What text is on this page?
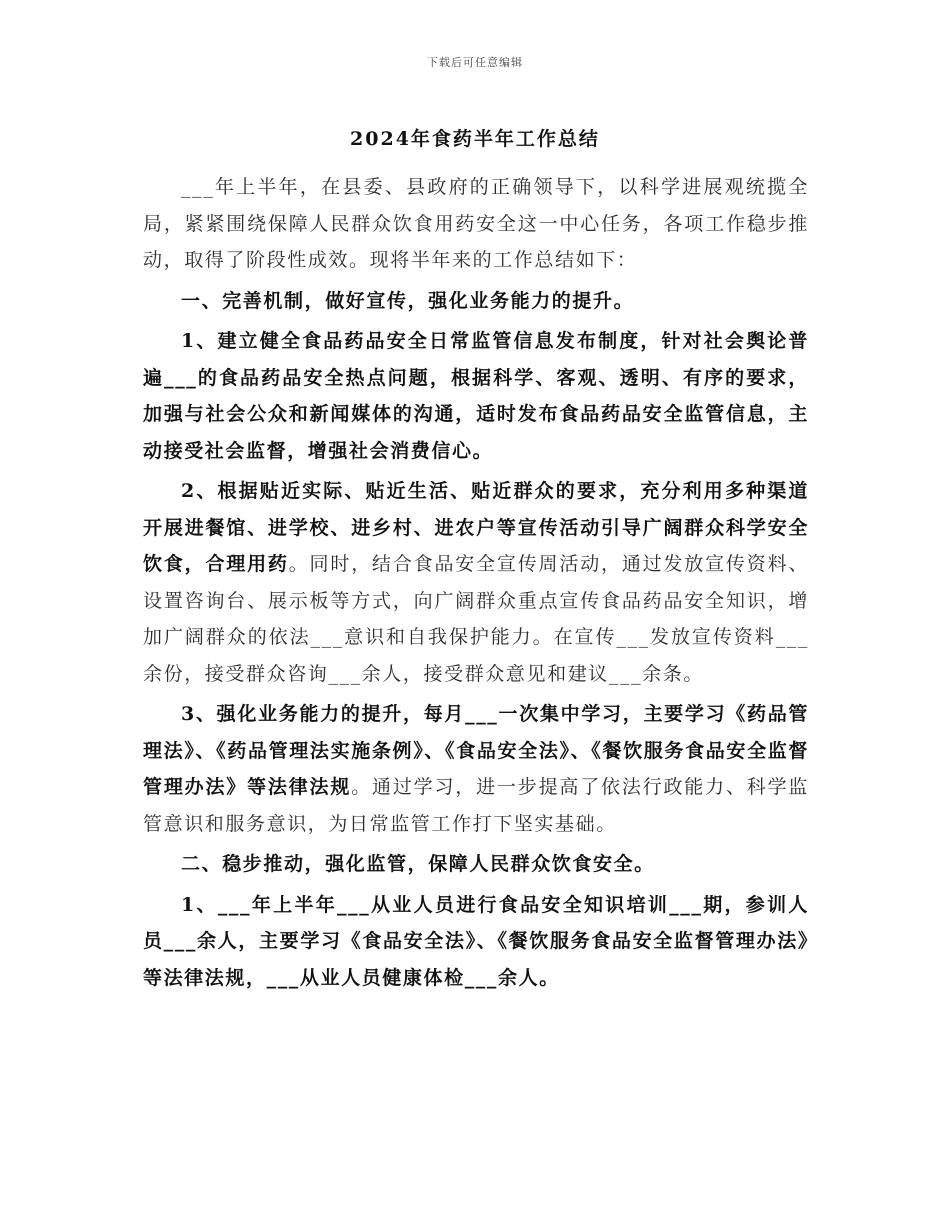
下载后可任意编辑
2024年食药半年工作总结

___年上半年，在县委、县政府的正确领导下，以科学进展观统揽全局，紧紧围绕保障人民群众饮食用药安全这一中心任务，各项工作稳步推动，取得了阶段性成效。现将半年来的工作总结如下：

一、完善机制，做好宣传，强化业务能力的提升。

1、建立健全食品药品安全日常监管信息发布制度，针对社会舆论普遍___的食品药品安全热点问题，根据科学、客观、透明、有序的要求，加强与社会公众和新闻媒体的沟通，适时发布食品药品安全监管信息，主动接受社会监督，增强社会消费信心。

2、根据贴近实际、贴近生活、贴近群众的要求，充分利用多种渠道开展进餐馆、进学校、进乡村、进农户等宣传活动引导广阔群众科学安全饮食，合理用药。同时，结合食品安全宣传周活动，通过发放宣传资料、设置咨询台、展示板等方式，向广阔群众重点宣传食品药品安全知识，增加广阔群众的依法___意识和自我保护能力。在宣传___发放宣传资料___余份，接受群众咨询___余人，接受群众意见和建议___余条。

3、强化业务能力的提升，每月___一次集中学习，主要学习《药品管理法》、《药品管理法实施条例》、《食品安全法》、《餐饮服务食品安全监督管理办法》等法律法规。通过学习，进一步提高了依法行政能力、科学监管意识和服务意识，为日常监管工作打下坚实基础。

二、稳步推动，强化监管，保障人民群众饮食安全。

1、___年上半年___从业人员进行食品安全知识培训___期，参训人员___余人，主要学习《食品安全法》、《餐饮服务食品安全监督管理办法》等法律法规，___从业人员健康体检___余人。
